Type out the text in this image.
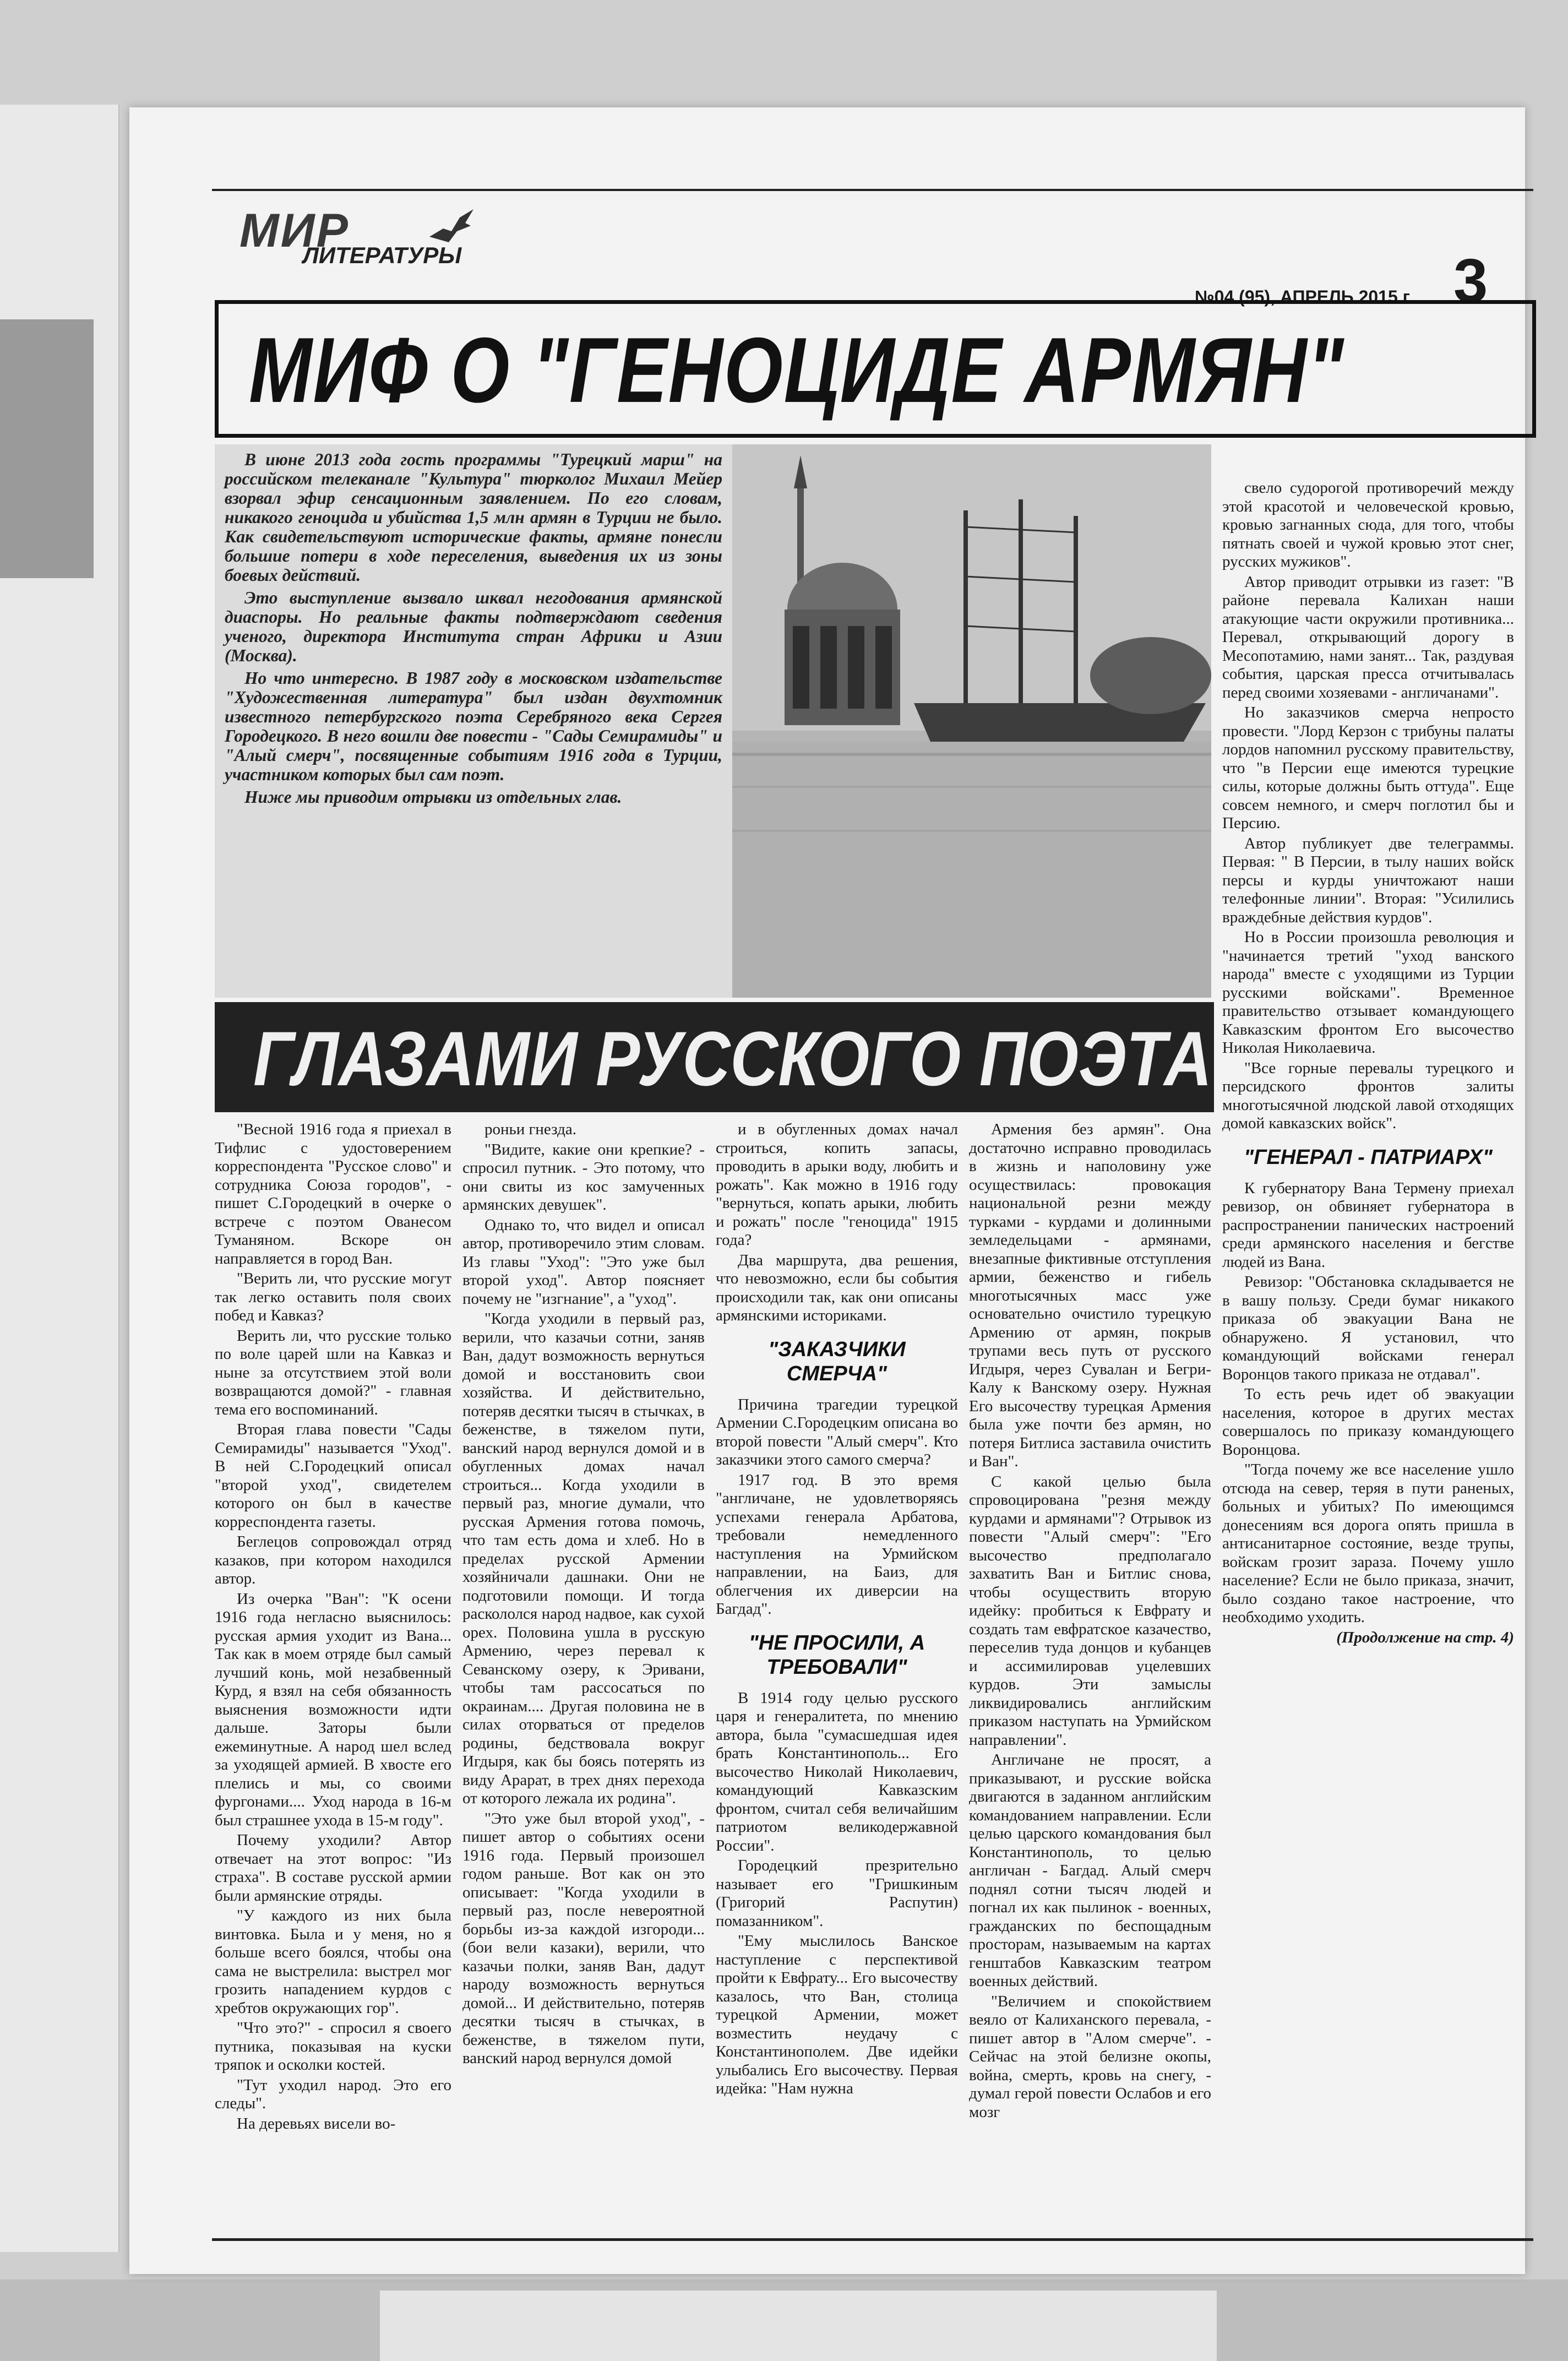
МИР
ЛИТЕРАТУРЫ
№04 (95), АПРЕЛЬ 2015 г. 3
МИФ О "ГЕНОЦИДЕ АРМЯН"

В июне 2013 года гость программы "Турецкий марш" на российском телеканале "Культура" тюрколог Михаил Мейер взорвал эфир сенсационным заявлением. По его словам, никакого геноцида и убийства 1,5 млн армян в Турции не было. Как свидетельствуют исторические факты, армяне понесли большие потери в ходе переселения, выведения их из зоны боевых действий.

Это выступление вызвало шквал негодования армянской диаспоры. Но реальные факты подтверждают сведения ученого, директора Института стран Африки и Азии (Москва).

Но что интересно. В 1987 году в московском издательстве "Художественная литература" был издан двухтомник известного петербургского поэта Серебряного века Сергея Городецкого. В него вошли две повести - "Сады Семирамиды" и "Алый смерч", посвященные событиям 1916 года в Турции, участником которых был сам поэт.

Ниже мы приводим отрывки из отдельных глав.

ГЛАЗАМИ РУССКОГО ПОЭТА

"Весной 1916 года я приехал в Тифлис с удостоверением корреспондента "Русское слово" и сотрудника Союза городов", - пишет С.Городецкий в очерке о встрече с поэтом Ованесом Туманяном. Вскоре он направляется в город Ван.

"Верить ли, что русские могут так легко оставить поля своих побед и Кавказ?

Верить ли, что русские только по воле царей шли на Кавказ и ныне за отсутствием этой воли возвращаются домой?" - главная тема его воспоминаний.

Вторая глава повести "Сады Семирамиды" называется "Уход". В ней С.Городецкий описал "второй уход", свидетелем которого он был в качестве корреспондента газеты.

Беглецов сопровождал отряд казаков, при котором находился автор.

Из очерка "Ван": "К осени 1916 года негласно выяснилось: русская армия уходит из Вана... Так как в моем отряде был самый лучший конь, мой незабвенный Курд, я взял на себя обязанность выяснения возможности идти дальше. Заторы были ежеминутные. А народ шел вслед за уходящей армией. В хвосте его плелись и мы, со своими фургонами.... Уход народа в 16-м был страшнее ухода в 15-м году".

Почему уходили? Автор отвечает на этот вопрос: "Из страха". В составе русской армии были армянские отряды.

"У каждого из них была винтовка. Была и у меня, но я больше всего боялся, чтобы она сама не выстрелила: выстрел мог грозить нападением курдов с хребтов окружающих гор".

"Что это?" - спросил я своего путника, показывая на куски тряпок и осколки костей.

"Тут уходил народ. Это его следы".

На деревьях висели во-

роньи гнезда.

"Видите, какие они крепкие? - спросил путник. - Это потому, что они свиты из кос замученных армянских девушек".

Однако то, что видел и описал автор, противоречило этим словам. Из главы "Уход": "Это уже был второй уход". Автор поясняет почему не "изгнание", а "уход".

"Когда уходили в первый раз, верили, что казачьи сотни, заняв Ван, дадут возможность вернуться домой и восстановить свои хозяйства. И действительно, потеряв десятки тысяч в стычках, в беженстве, в тяжелом пути, ванский народ вернулся домой и в обугленных домах начал строиться... Когда уходили в первый раз, многие думали, что русская Армения готова помочь, что там есть дома и хлеб. Но в пределах русской Армении хозяйничали дашнаки. Они не подготовили помощи. И тогда раскололся народ надвое, как сухой орех. Половина ушла в русскую Армению, через перевал к Севанскому озеру, к Эривани, чтобы там рассосаться по окраинам.... Другая половина не в силах оторваться от пределов родины, бедствовала вокруг Игдыря, как бы боясь потерять из виду Арарат, в трех днях перехода от которого лежала их родина".

"Это уже был второй уход", - пишет автор о событиях осени 1916 года. Первый произошел годом раньше. Вот как он это описывает: "Когда уходили в первый раз, после невероятной борьбы из-за каждой изгороди... (бои вели казаки), верили, что казачьи полки, заняв Ван, дадут народу возможность вернуться домой... И действительно, потеряв десятки тысяч в стычках, в беженстве, в тяжелом пути, ванский народ вернулся домой

и в обугленных домах начал строиться, копить запасы, проводить в арыки воду, любить и рожать". Как можно в 1916 году "вернуться, копать арыки, любить и рожать" после "геноцида" 1915 года?

Два маршрута, два решения, что невозможно, если бы события происходили так, как они описаны армянскими историками.

"ЗАКАЗЧИКИ СМЕРЧА"

Причина трагедии турецкой Армении С.Городецким описана во второй повести "Алый смерч". Кто заказчики этого самого смерча?

1917 год. В это время "англичане, не удовлетворяясь успехами генерала Арбатова, требовали немедленного наступления на Урмийском направлении, на Баиз, для облегчения их диверсии на Багдад".

"НЕ ПРОСИЛИ, А ТРЕБОВАЛИ"

В 1914 году целью русского царя и генералитета, по мнению автора, была "сумасшедшая идея брать Константинополь... Его высочество Николай Николаевич, командующий Кавказским фронтом, считал себя величайшим патриотом великодержавной России".

Городецкий презрительно называет его "Гришкиным (Григорий Распутин) помазанником".

"Ему мыслилось Ванское наступление с перспективой пройти к Евфрату... Его высочеству казалось, что Ван, столица турецкой Армении, может возместить неудачу с Константинополем. Две идейки улыбались Его высочеству. Первая идейка: "Нам нужна

Армения без армян". Она достаточно исправно проводилась в жизнь и наполовину уже осуществилась: провокация национальной резни между турками - курдами и долинными земледельцами - армянами, внезапные фиктивные отступления армии, беженство и гибель многотысячных масс уже основательно очистило турецкую Армению от армян, покрыв трупами весь путь от русского Игдыря, через Сувалан и Бегри-Калу к Ванскому озеру. Нужная Его высочеству турецкая Армения была уже почти без армян, но потеря Битлиса заставила очистить и Ван".

С какой целью была спровоцирована "резня между курдами и армянами"? Отрывок из повести "Алый смерч": "Его высочество предполагало захватить Ван и Битлис снова, чтобы осуществить вторую идейку: пробиться к Евфрату и создать там евфратское казачество, переселив туда донцов и кубанцев и ассимилировав уцелевших курдов. Эти замыслы ликвидировались английским приказом наступать на Урмийском направлении".

Англичане не просят, а приказывают, и русские войска двигаются в заданном английским командованием направлении. Если целью царского командования был Константинополь, то целью англичан - Багдад. Алый смерч поднял сотни тысяч людей и погнал их как пылинок - военных, гражданских по беспощадным просторам, называемым на картах генштабов Кавказским театром военных действий.

"Величием и спокойствием веяло от Калиханского перевала, - пишет автор в "Алом смерче". - Сейчас на этой белизне окопы, война, смерть, кровь на снегу, - думал герой повести Ослабов и его мозг

свело судорогой противоречий между этой красотой и человеческой кровью, кровью загнанных сюда, для того, чтобы пятнать своей и чужой кровью этот снег, русских мужиков".

Автор приводит отрывки из газет: "В районе перевала Калихан наши атакующие части окружили противника... Перевал, открывающий дорогу в Месопотамию, нами занят... Так, раздувая события, царская пресса отчитывалась перед своими хозяевами - англичанами".

Но заказчиков смерча непросто провести. "Лорд Керзон с трибуны палаты лордов напомнил русскому правительству, что "в Персии еще имеются турецкие силы, которые должны быть оттуда". Еще совсем немного, и смерч поглотил бы и Персию.

Автор публикует две телеграммы. Первая: " В Персии, в тылу наших войск персы и курды уничтожают наши телефонные линии". Вторая: "Усилились враждебные действия курдов".

Но в России произошла революция и "начинается третий "уход ванского народа" вместе с уходящими из Турции русскими войсками". Временное правительство отзывает командующего Кавказским фронтом Его высочество Николая Николаевича.

"Все горные перевалы турецкого и персидского фронтов залиты многотысячной людской лавой отходящих домой кавказских войск".

"ГЕНЕРАЛ - ПАТРИАРХ"

К губернатору Вана Термену приехал ревизор, он обвиняет губернатора в распространении панических настроений среди армянского населения и бегстве людей из Вана.

Ревизор: "Обстановка складывается не в вашу пользу. Среди бумаг никакого приказа об эвакуации Вана не обнаружено. Я установил, что командующий войсками генерал Воронцов такого приказа не отдавал".

То есть речь идет об эвакуации населения, которое в других местах совершалось по приказу командующего Воронцова.

"Тогда почему же все население ушло отсюда на север, теряя в пути раненых, больных и убитых? По имеющимся донесениям вся дорога опять пришла в антисанитарное состояние, везде трупы, войскам грозит зараза. Почему ушло население? Если не было приказа, значит, было создано такое настроение, что необходимо уходить.

(Продолжение на стр. 4)
